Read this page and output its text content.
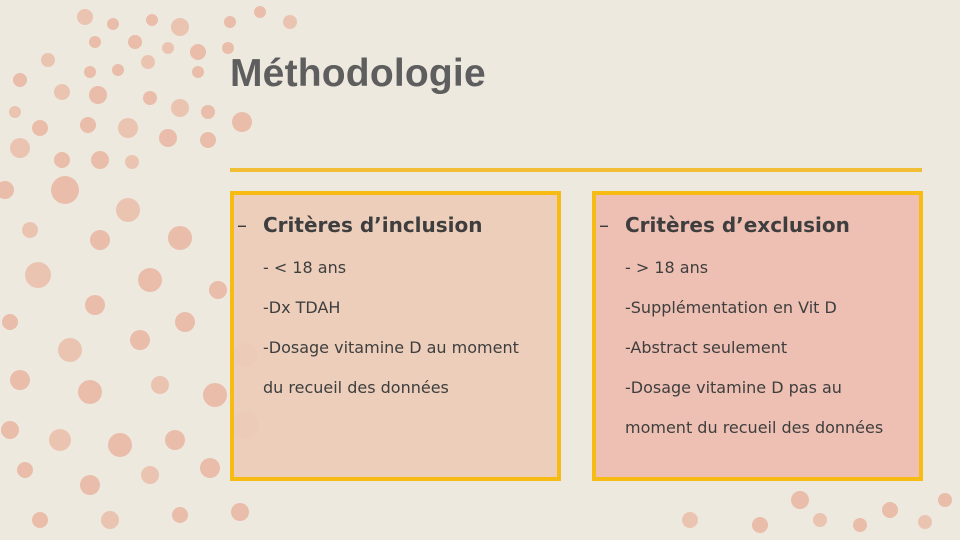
Méthodologie
– Critères d’inclusion
- < 18 ans
-Dx TDAH
-Dosage vitamine D au moment
du recueil des données
– Critères d’exclusion
- > 18 ans
-Supplémentation en Vit D
-Abstract seulement
-Dosage vitamine D pas au
moment du recueil des données
